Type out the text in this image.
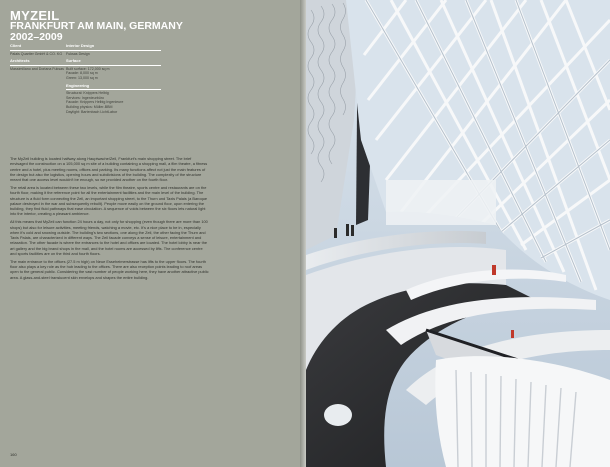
MYZEIL
FRANKFURT AM MAIN, GERMANY
2002–2009
Client
Palais Quartier GmbH & CO. KG
Architects
Massimiliano and Doriana Fuksas
Interior Design
Fuksas Design
Surface
Built surface: 172,000 sq m
Facade: 8,000 sq m
Green: 13,000 sq m
Engineering
Structural: Knippers Helbig
Services: Ingenieurbüro
Facade: Knippers Helbig Ingenieure
Building physics: Müller-BBM
Daylight: Bartenbach LichtLabor

The MyZeil building is located halfway along Hauptwache/Zeil, Frankfurt's main shopping street. The brief envisaged the construction on a 105,000 sq m site of a building containing a shopping mall, a film theatre, a fitness centre and a hotel, plus meeting rooms, offices and parking. Its many functions affect not just the main features of the design but also the logistics, opening hours and subdivisions of the building. The complexity of the structure meant that one access level wouldn't be enough, so we provided another on the fourth floor.

The retail area is located between these two levels, while the film theatre, sports centre and restaurants are on the fourth floor, making it the reference point for all the entertainment facilities and the main level of the building. The structure is a fluid form connecting the Zeil, an important shopping street, to the Thurn und Taxis Palais (a Baroque palace destroyed in the war and subsequently rebuilt). People move easily on the ground floor, upon entering the building, they find fluid pathways that ease circulation. A sequence of voids between the six floors lets natural light into the interior, creating a pleasant ambience.

All this means that MyZeil can function 24 hours a day, not only for shopping (even though there are more than 100 shops) but also for leisure activities, meeting friends, watching a movie, etc. It's a nice place to be in, especially when it's cold and snowing outside. The building's two sections, one along the Zeil, the other facing the Thurn and Taxis Palais, are characterized in different ways. The Zeil facade conveys a sense of leisure, entertainment and relaxation. The other facade is where the entrances to the hotel and offices are located. The hotel lobby is near the art gallery and the big brand shops in the mall, and the hotel rooms are accessed by lifts. The conference centre and sports facilities are on the third and fourth floors.

The main entrance to the offices (27.5 m high) on Neue Esseheimerstrasse has lifts to the upper floors. The fourth floor also plays a key role as the hub leading to the offices. There are also reception points leading to roof areas open to the general public. Considering the vast number of people working here, they have another attractive public area. A glass-and-steel translucent skin envelops and shapes the entire building.

160
